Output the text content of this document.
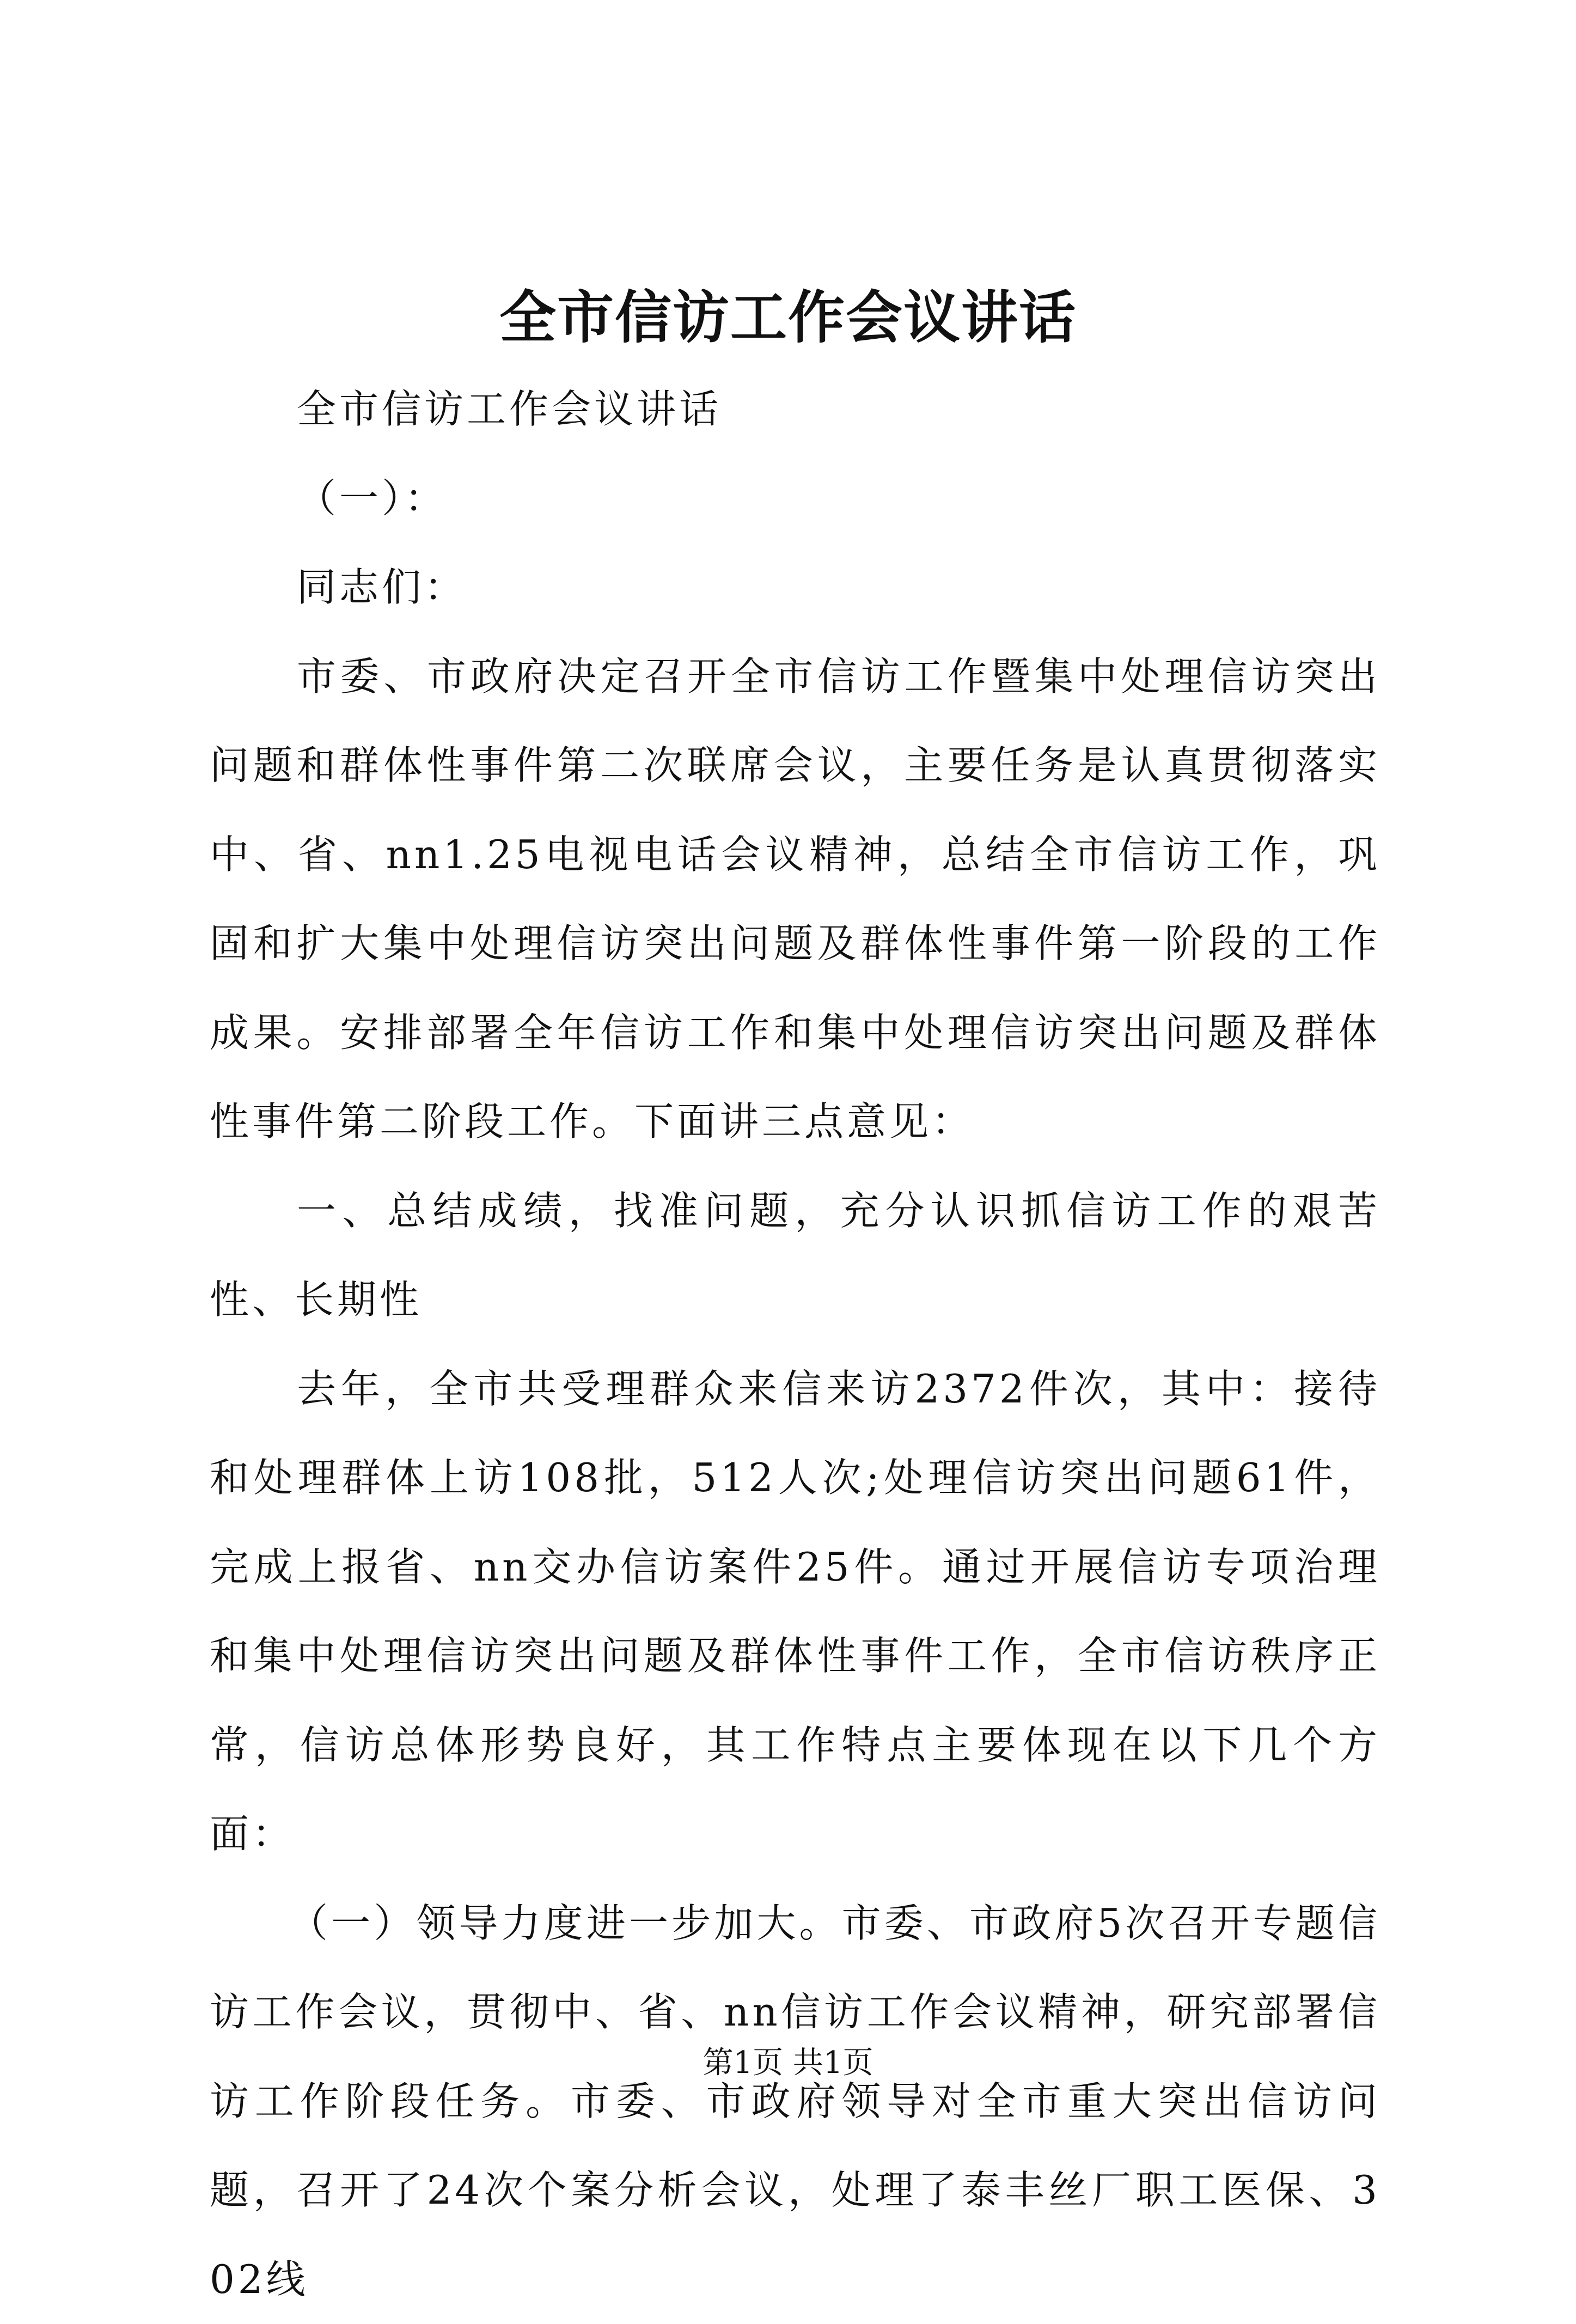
全市信访工作会议讲话

全市信访工作会议讲话

（一）：

同志们：

市委、市政府决定召开全市信访工作暨集中处理信访突出问题和群体性事件第二次联席会议，主要任务是认真贯彻落实中、省、nn1.25电视电话会议精神，总结全市信访工作，巩固和扩大集中处理信访突出问题及群体性事件第一阶段的工作成果。安排部署全年信访工作和集中处理信访突出问题及群体性事件第二阶段工作。下面讲三点意见：

一、总结成绩，找准问题，充分认识抓信访工作的艰苦性、长期性

去年，全市共受理群众来信来访2372件次，其中：接待和处理群体上访108批，512人次;处理信访突出问题61件，完成上报省、nn交办信访案件25件。通过开展信访专项治理和集中处理信访突出问题及群体性事件工作，全市信访秩序正常，信访总体形势良好，其工作特点主要体现在以下几个方面：

（一）领导力度进一步加大。市委、市政府5次召开专题信访工作会议，贯彻中、省、nn信访工作会议精神，研究部署信访工作阶段任务。市委、市政府领导对全市重大突出信访问题，召开了24次个案分析会议，处理了泰丰丝厂职工医保、302线

第1页 共1页
